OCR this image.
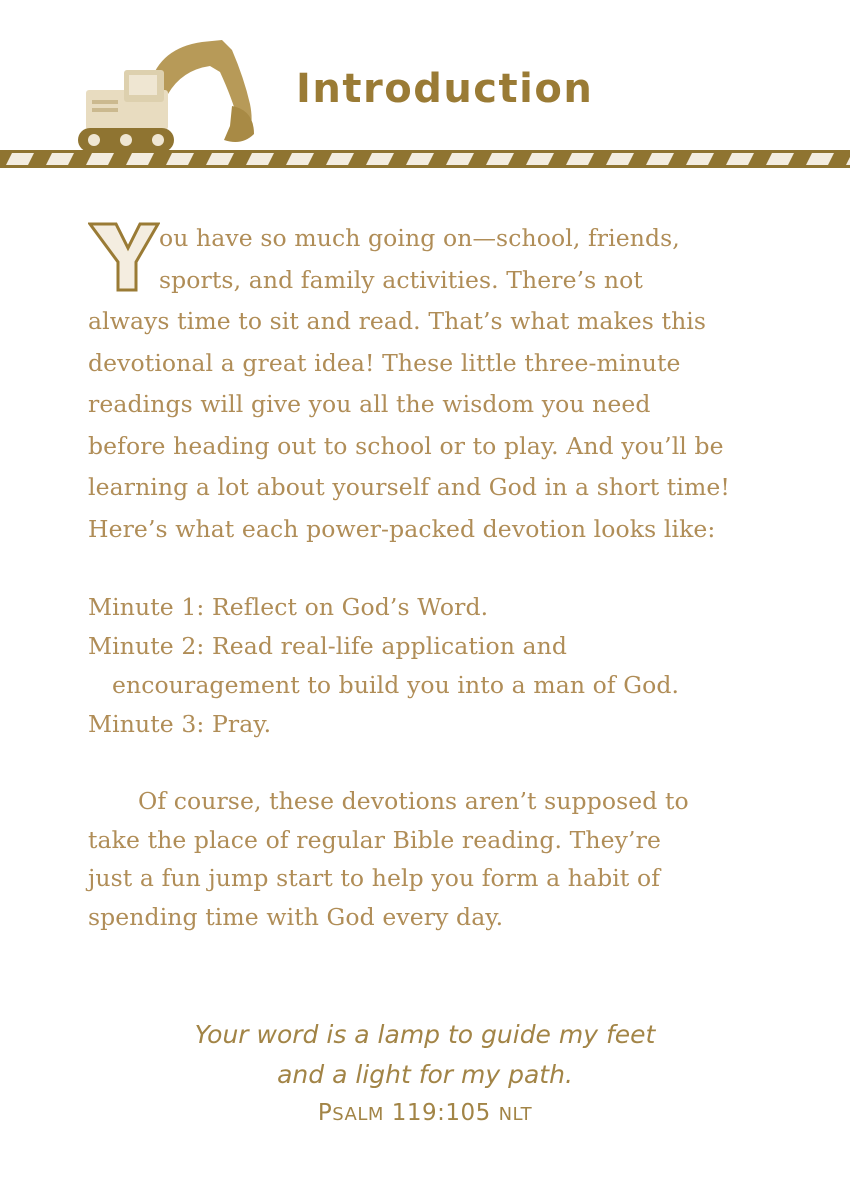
Introduction
Y
ou have so much going on—school, friends,
sports, and family activities. There’s not
always time to sit and read. That’s what makes this
devotional a great idea! These little three-minute
readings will give you all the wisdom you need
before heading out to school or to play. And you’ll be
learning a lot about yourself and God in a short time!
Here’s what each power-packed devotion looks like:
Minute 1: Reflect on God’s Word.
Minute 2: Read real-life application and
encouragement to build you into a man of God.
Minute 3: Pray.
Of course, these devotions aren’t supposed to
take the place of regular Bible reading. They’re
just a fun jump start to help you form a habit of
spending time with God every day.
Your word is a lamp to guide my feet
and a light for my path.
PSALM 119:105 NLT
